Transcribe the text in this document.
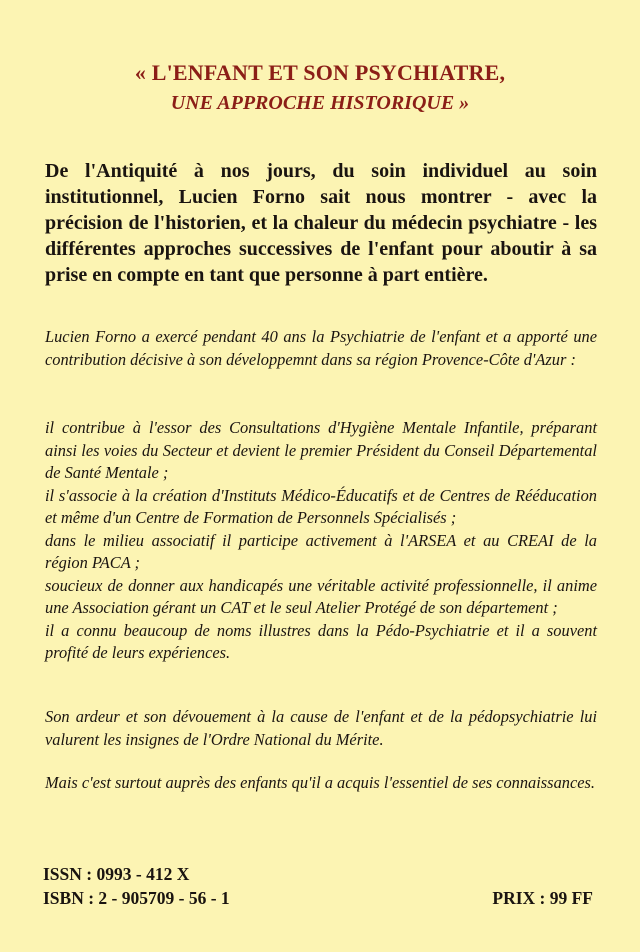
« L'ENFANT ET SON PSYCHIATRE,
UNE APPROCHE HISTORIQUE »

De l'Antiquité à nos jours, du soin individuel au soin institutionnel, Lucien Forno sait nous montrer - avec la précision de l'historien, et la chaleur du médecin psychiatre - les différentes approches successives de l'enfant pour aboutir à sa prise en compte en tant que personne à part entière.

Lucien Forno a exercé pendant 40 ans la Psychiatrie de l'enfant et a apporté une contribution décisive à son développemnt dans sa région Provence-Côte d'Azur :

il contribue à l'essor des Consultations d'Hygiène Mentale Infantile, préparant ainsi les voies du Secteur et devient le premier Président du Conseil Départemental de Santé Mentale ;

il s'associe à la création d'Instituts Médico-Éducatifs et de Centres de Rééducation et même d'un Centre de Formation de Personnels Spécialisés ;

dans le milieu associatif il participe activement à l'ARSEA et au CREAI de la région PACA ;

soucieux de donner aux handicapés une véritable activité professionnelle, il anime une Association gérant un CAT et le seul Atelier Protégé de son département ;

il a connu beaucoup de noms illustres dans la Pédo-Psychiatrie et il a souvent profité de leurs expériences.

Son ardeur et son dévouement à la cause de l'enfant et de la pédopsychiatrie lui valurent les insignes de l'Ordre National du Mérite.

Mais c'est surtout auprès des enfants qu'il a acquis l'essentiel de ses connaissances.

ISSN : 0993 - 412 X
ISBN : 2 - 905709 - 56 - 1	PRIX : 99 FF
